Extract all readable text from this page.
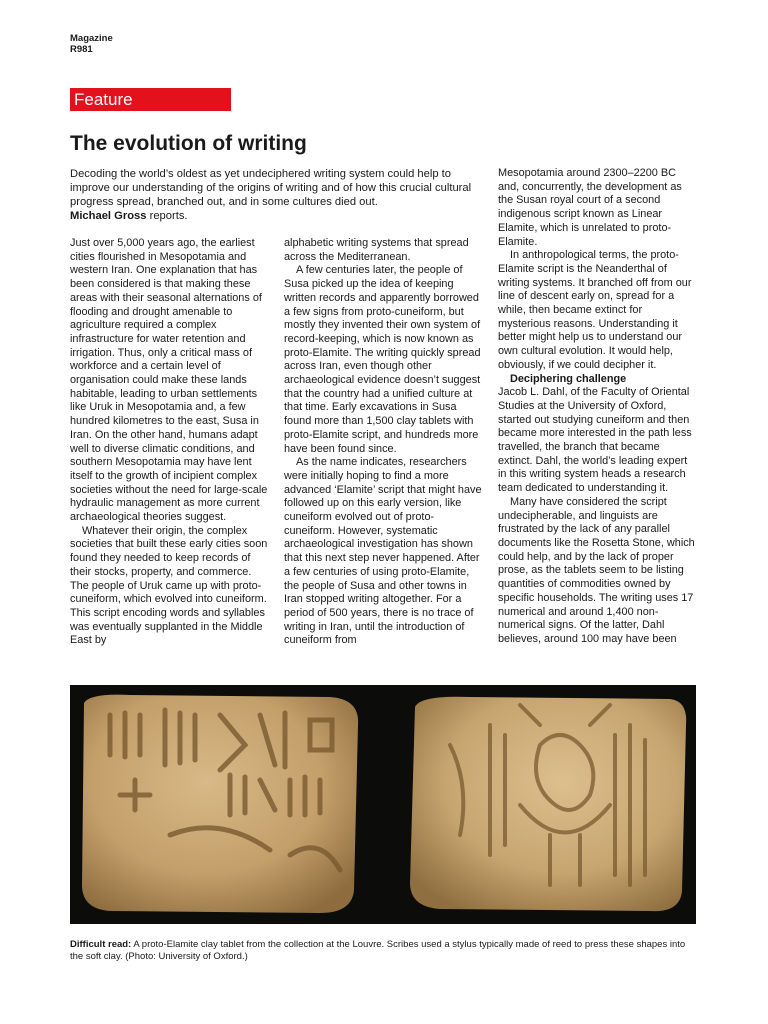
Magazine
R981
Feature
The evolution of writing

Decoding the world’s oldest as yet undeciphered writing system could help to improve our understanding of the origins of writing and of how this crucial cultural progress spread, branched out, and in some cultures died out.
Michael Gross reports.

Just over 5,000 years ago, the earliest cities flourished in Mesopotamia and western Iran. One explanation that has been considered is that making these areas with their seasonal alternations of flooding and drought amenable to agriculture required a complex infrastructure for water retention and irrigation. Thus, only a critical mass of workforce and a certain level of organisation could make these lands habitable, leading to urban settlements like Uruk in Mesopotamia and, a few hundred kilometres to the east, Susa in Iran. On the other hand, humans adapt well to diverse climatic conditions, and southern Mesopotamia may have lent itself to the growth of incipient complex societies without the need for large-scale hydraulic management as more current archaeological theories suggest.

Whatever their origin, the complex societies that built these early cities soon found they needed to keep records of their stocks, property, and commerce. The people of Uruk came up with proto-cuneiform, which evolved into cuneiform. This script encoding words and syllables was eventually supplanted in the Middle East by

alphabetic writing systems that spread across the Mediterranean.

A few centuries later, the people of Susa picked up the idea of keeping written records and apparently borrowed a few signs from proto-cuneiform, but mostly they invented their own system of record-keeping, which is now known as proto-Elamite. The writing quickly spread across Iran, even though other archaeological evidence doesn’t suggest that the country had a unified culture at that time. Early excavations in Susa found more than 1,500 clay tablets with proto-Elamite script, and hundreds more have been found since.

As the name indicates, researchers were initially hoping to find a more advanced ‘Elamite’ script that might have followed up on this early version, like cuneiform evolved out of proto-cuneiform. However, systematic archaeological investigation has shown that this next step never happened. After a few centuries of using proto-Elamite, the people of Susa and other towns in Iran stopped writing altogether. For a period of 500 years, there is no trace of writing in Iran, until the introduction of cuneiform from

Mesopotamia around 2300–2200 BC and, concurrently, the development as the Susan royal court of a second indigenous script known as Linear Elamite, which is unrelated to proto-Elamite.

In anthropological terms, the proto-Elamite script is the Neanderthal of writing systems. It branched off from our line of descent early on, spread for a while, then became extinct for mysterious reasons. Understanding it better might help us to understand our own cultural evolution. It would help, obviously, if we could decipher it.

Deciphering challenge

Jacob L. Dahl, of the Faculty of Oriental Studies at the University of Oxford, started out studying cuneiform and then became more interested in the path less travelled, the branch that became extinct. Dahl, the world’s leading expert in this writing system heads a research team dedicated to understanding it.

Many have considered the script undecipherable, and linguists are frustrated by the lack of any parallel documents like the Rosetta Stone, which could help, and by the lack of proper prose, as the tablets seem to be listing quantities of commodities owned by specific households. The writing uses 17 numerical and around 1,400 non-numerical signs. Of the latter, Dahl believes, around 100 may have been

Difficult read: A proto-Elamite clay tablet from the collection at the Louvre. Scribes used a stylus typically made of reed to press these shapes into the soft clay. (Photo: University of Oxford.)
